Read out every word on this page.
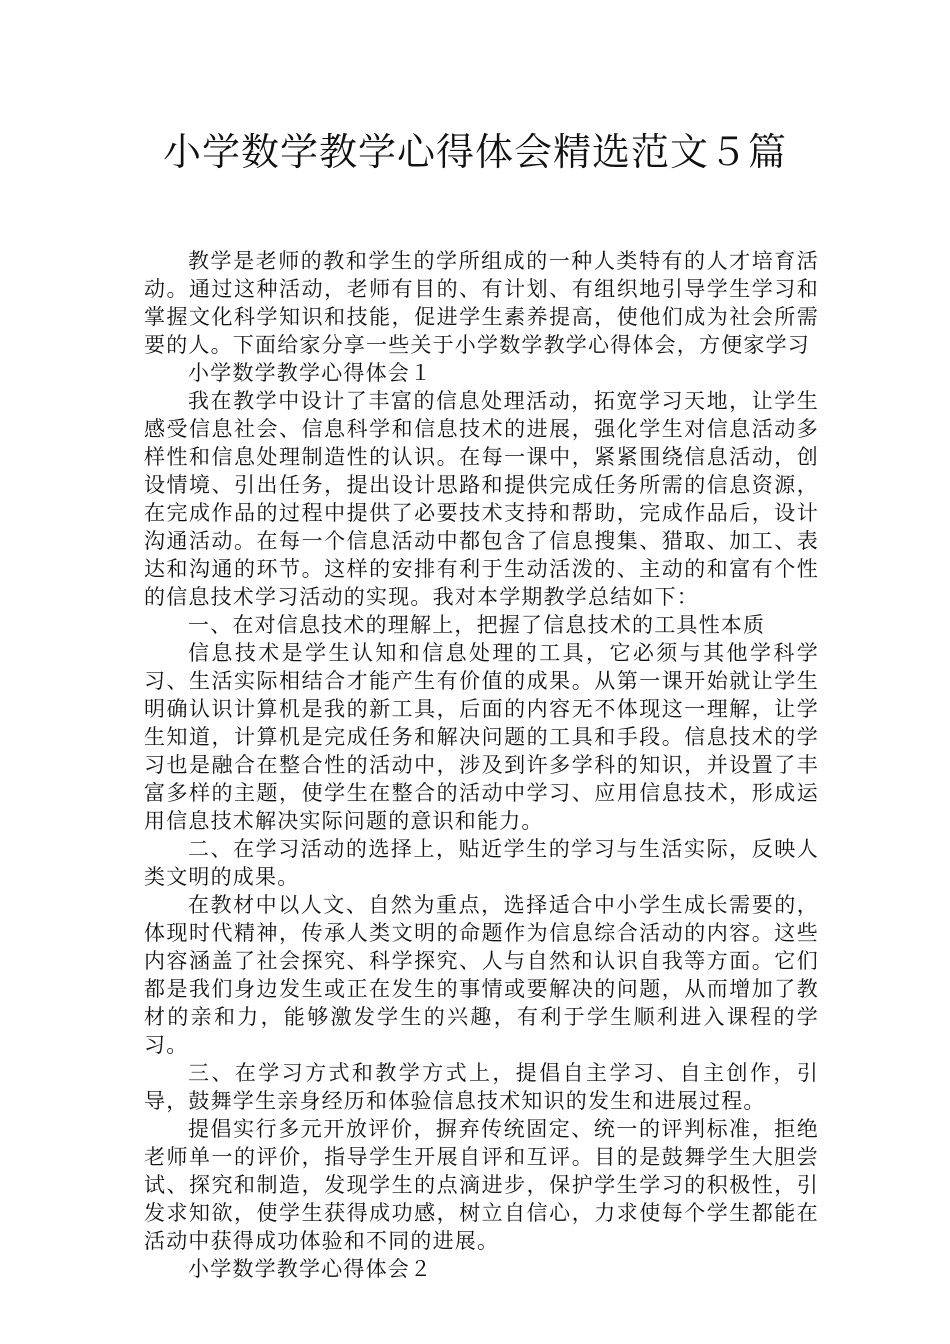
小学数学教学心得体会精选范文５篇

教学是老师的教和学生的学所组成的一种人类特有的人才培育活动。通过这种活动，老师有目的、有计划、有组织地引导学生学习和掌握文化科学知识和技能，促进学生素养提高，使他们成为社会所需要的人。下面给家分享一些关于小学数学教学心得体会，方便家学习

小学数学教学心得体会１

我在教学中设计了丰富的信息处理活动，拓宽学习天地，让学生感受信息社会、信息科学和信息技术的进展，强化学生对信息活动多样性和信息处理制造性的认识。在每一课中，紧紧围绕信息活动，创设情境、引出任务，提出设计思路和提供完成任务所需的信息资源，在完成作品的过程中提供了必要技术支持和帮助，完成作品后，设计沟通活动。在每一个信息活动中都包含了信息搜集、猎取、加工、表达和沟通的环节。这样的安排有利于生动活泼的、主动的和富有个性的信息技术学习活动的实现。我对本学期教学总结如下：

一、在对信息技术的理解上，把握了信息技术的工具性本质

信息技术是学生认知和信息处理的工具，它必须与其他学科学习、生活实际相结合才能产生有价值的成果。从第一课开始就让学生明确认识计算机是我的新工具，后面的内容无不体现这一理解，让学生知道，计算机是完成任务和解决问题的工具和手段。信息技术的学习也是融合在整合性的活动中，涉及到许多学科的知识，并设置了丰富多样的主题，使学生在整合的活动中学习、应用信息技术，形成运用信息技术解决实际问题的意识和能力。

二、在学习活动的选择上，贴近学生的学习与生活实际，反映人类文明的成果。

在教材中以人文、自然为重点，选择适合中小学生成长需要的，体现时代精神，传承人类文明的命题作为信息综合活动的内容。这些内容涵盖了社会探究、科学探究、人与自然和认识自我等方面。它们都是我们身边发生或正在发生的事情或要解决的问题，从而增加了教材的亲和力，能够激发学生的兴趣，有利于学生顺利进入课程的学习。

三、在学习方式和教学方式上，提倡自主学习、自主创作，引导，鼓舞学生亲身经历和体验信息技术知识的发生和进展过程。

提倡实行多元开放评价，摒弃传统固定、统一的评判标准，拒绝老师单一的评价，指导学生开展自评和互评。目的是鼓舞学生大胆尝试、探究和制造，发现学生的点滴进步，保护学生学习的积极性，引发求知欲，使学生获得成功感，树立自信心，力求使每个学生都能在活动中获得成功体验和不同的进展。

小学数学教学心得体会２
